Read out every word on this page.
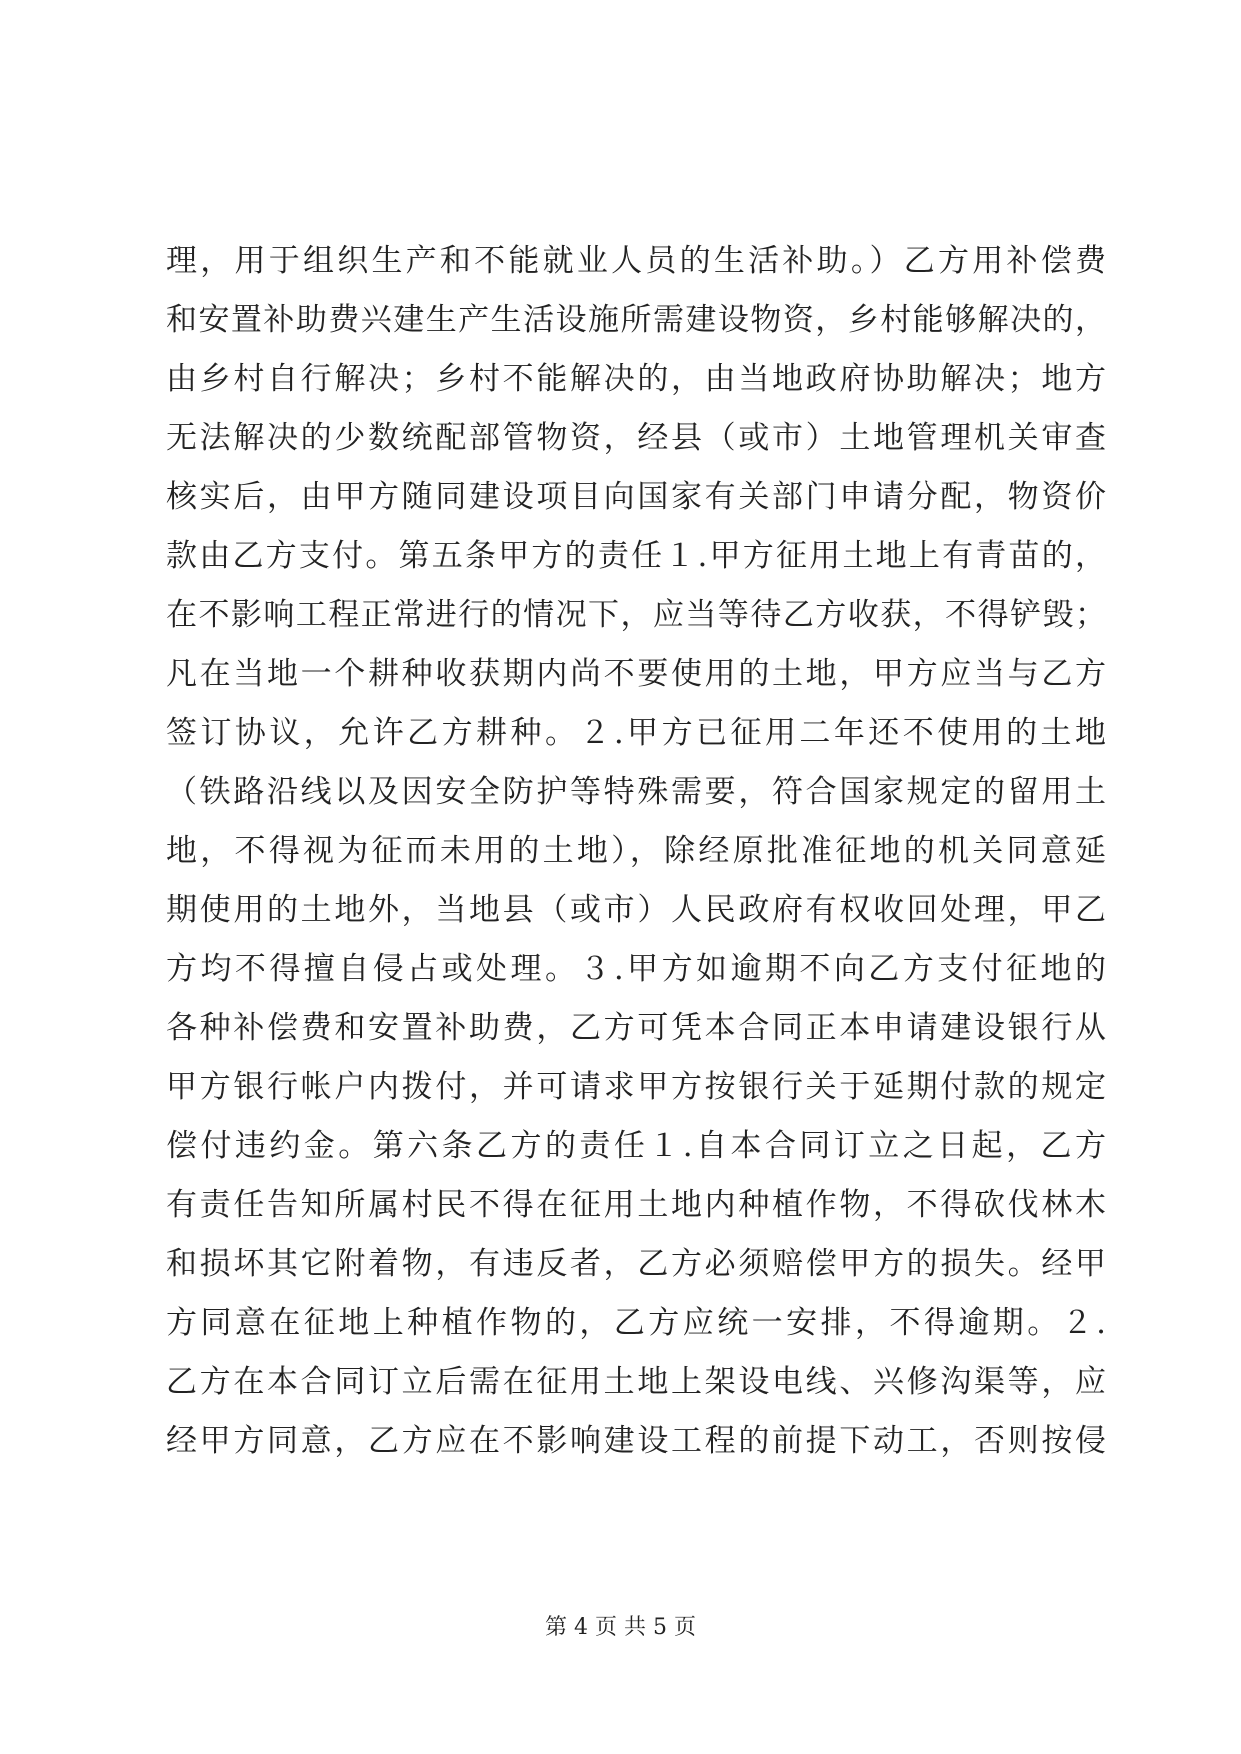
理，用于组织生产和不能就业人员的生活补助。）乙方用补偿费
和安置补助费兴建生产生活设施所需建设物资，乡村能够解决的，
由乡村自行解决；乡村不能解决的，由当地政府协助解决；地方
无法解决的少数统配部管物资，经县（或市）土地管理机关审查
核实后，由甲方随同建设项目向国家有关部门申请分配，物资价
款由乙方支付。第五条甲方的责任１.甲方征用土地上有青苗的，
在不影响工程正常进行的情况下，应当等待乙方收获，不得铲毁；
凡在当地一个耕种收获期内尚不要使用的土地，甲方应当与乙方
签订协议，允许乙方耕种。２.甲方已征用二年还不使用的土地
（铁路沿线以及因安全防护等特殊需要，符合国家规定的留用土
地，不得视为征而未用的土地），除经原批准征地的机关同意延
期使用的土地外，当地县（或市）人民政府有权收回处理，甲乙
方均不得擅自侵占或处理。３.甲方如逾期不向乙方支付征地的
各种补偿费和安置补助费，乙方可凭本合同正本申请建设银行从
甲方银行帐户内拨付，并可请求甲方按银行关于延期付款的规定
偿付违约金。第六条乙方的责任１.自本合同订立之日起，乙方
有责任告知所属村民不得在征用土地内种植作物，不得砍伐林木
和损坏其它附着物，有违反者，乙方必须赔偿甲方的损失。经甲
方同意在征地上种植作物的，乙方应统一安排，不得逾期。２.
乙方在本合同订立后需在征用土地上架设电线、兴修沟渠等，应
经甲方同意，乙方应在不影响建设工程的前提下动工，否则按侵
第 4 页 共 5 页
